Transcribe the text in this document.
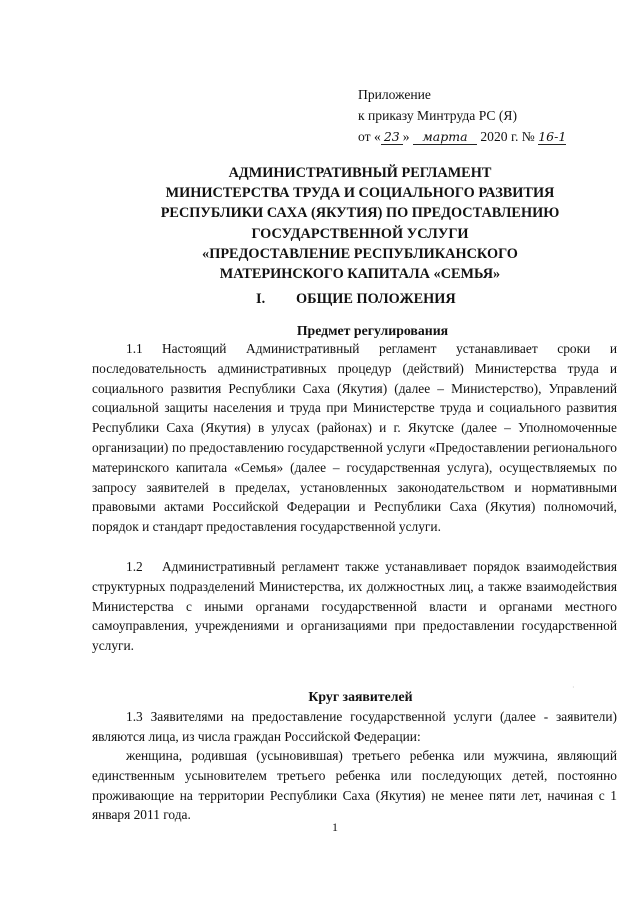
Приложение
к приказу Минтруда РС (Я)
от « 23 » марта 2020 г. № 16-1
АДМИНИСТРАТИВНЫЙ РЕГЛАМЕНТ
МИНИСТЕРСТВА ТРУДА И СОЦИАЛЬНОГО РАЗВИТИЯ
РЕСПУБЛИКИ САХА (ЯКУТИЯ) ПО ПРЕДОСТАВЛЕНИЮ
ГОСУДАРСТВЕННОЙ УСЛУГИ
«ПРЕДОСТАВЛЕНИЕ РЕСПУБЛИКАНСКОГО
МАТЕРИНСКОГО КАПИТАЛА «СЕМЬЯ»
I. ОБЩИЕ ПОЛОЖЕНИЯ
Предмет регулирования
1.1 Настоящий Административный регламент устанавливает сроки и последовательность административных процедур (действий) Министерства труда и социального развития Республики Саха (Якутия) (далее – Министерство), Управлений социальной защиты населения и труда при Министерстве труда и социального развития Республики Саха (Якутия) в улусах (районах) и г. Якутске (далее – Уполномоченные организации) по предоставлению государственной услуги «Предоставлении регионального материнского капитала «Семья» (далее – государственная услуга), осуществляемых по запросу заявителей в пределах, установленных законодательством и нормативными правовыми актами Российской Федерации и Республики Саха (Якутия) полномочий, порядок и стандарт предоставления государственной услуги.
1.2 Административный регламент также устанавливает порядок взаимодействия структурных подразделений Министерства, их должностных лиц, а также взаимодействия Министерства с иными органами государственной власти и органами местного самоуправления, учреждениями и организациями при предоставлении государственной услуги.
·
Круг заявителей
1.3 Заявителями на предоставление государственной услуги (далее - заявители) являются лица, из числа граждан Российской Федерации:
женщина, родившая (усыновившая) третьего ребенка или мужчина, являющий единственным усыновителем третьего ребенка или последующих детей, постоянно проживающие на территории Республики Саха (Якутия) не менее пяти лет, начиная с 1 января 2011 года.
1
